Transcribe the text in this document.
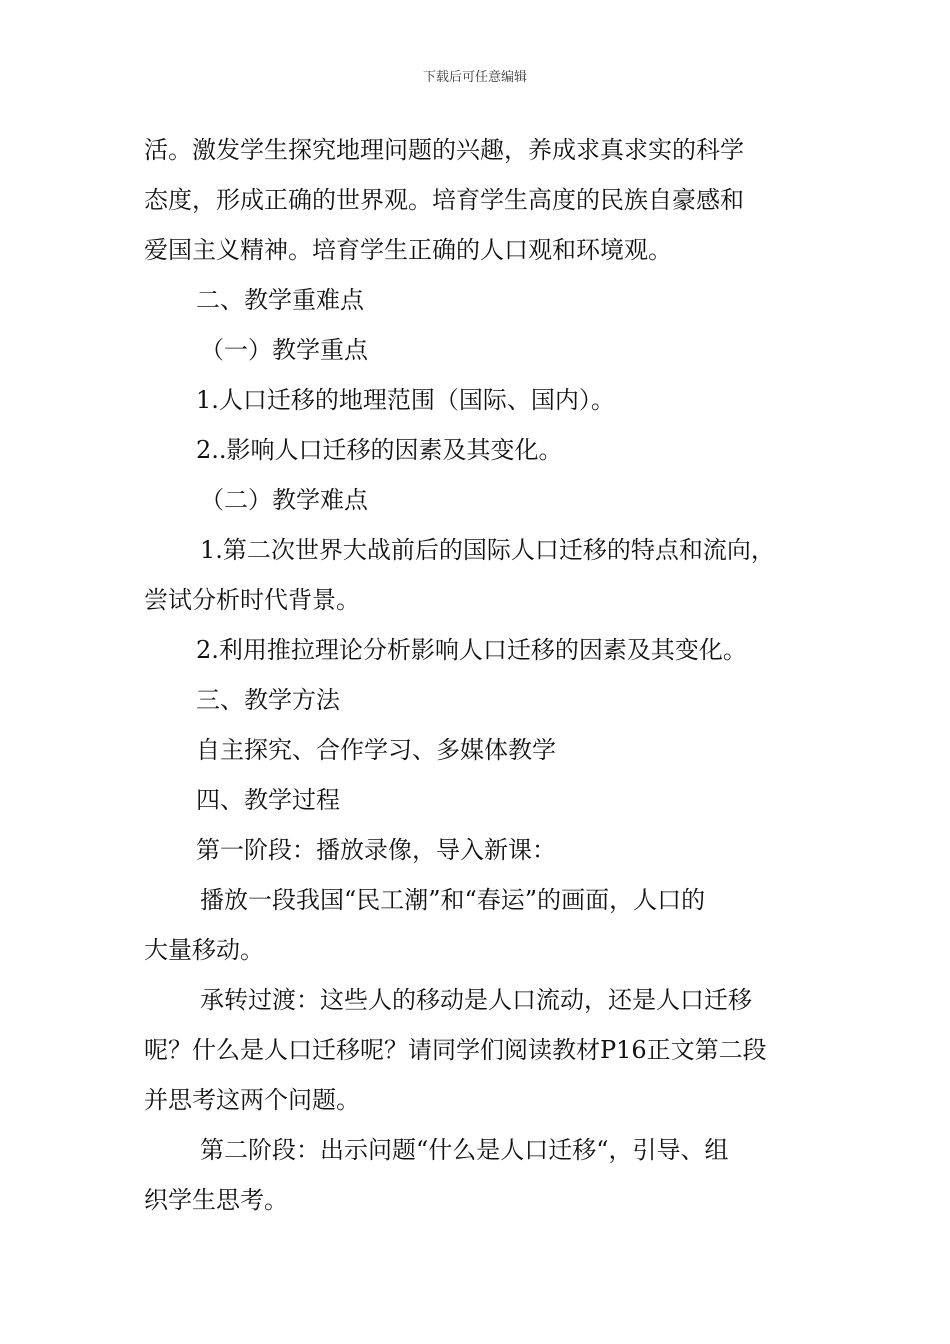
下载后可任意编辑
活。激发学生探究地理问题的兴趣，养成求真求实的科学
态度，形成正确的世界观。培育学生高度的民族自豪感和
爱国主义精神。培育学生正确的人口观和环境观。
二、教学重难点
（一）教学重点
1.人口迁移的地理范围（国际、国内）。
2..影响人口迁移的因素及其变化。
（二）教学难点
1.第二次世界大战前后的国际人口迁移的特点和流向，
尝试分析时代背景。
2.利用推拉理论分析影响人口迁移的因素及其变化。
三、教学方法
自主探究、合作学习、多媒体教学
四、教学过程
第一阶段：播放录像，导入新课：
播放一段我国“民工潮”和“春运”的画面，人口的
大量移动。
承转过渡：这些人的移动是人口流动，还是人口迁移
呢？什么是人口迁移呢？请同学们阅读教材P16正文第二段
并思考这两个问题。
第二阶段：出示问题“什么是人口迁移“，引导、组
织学生思考。
